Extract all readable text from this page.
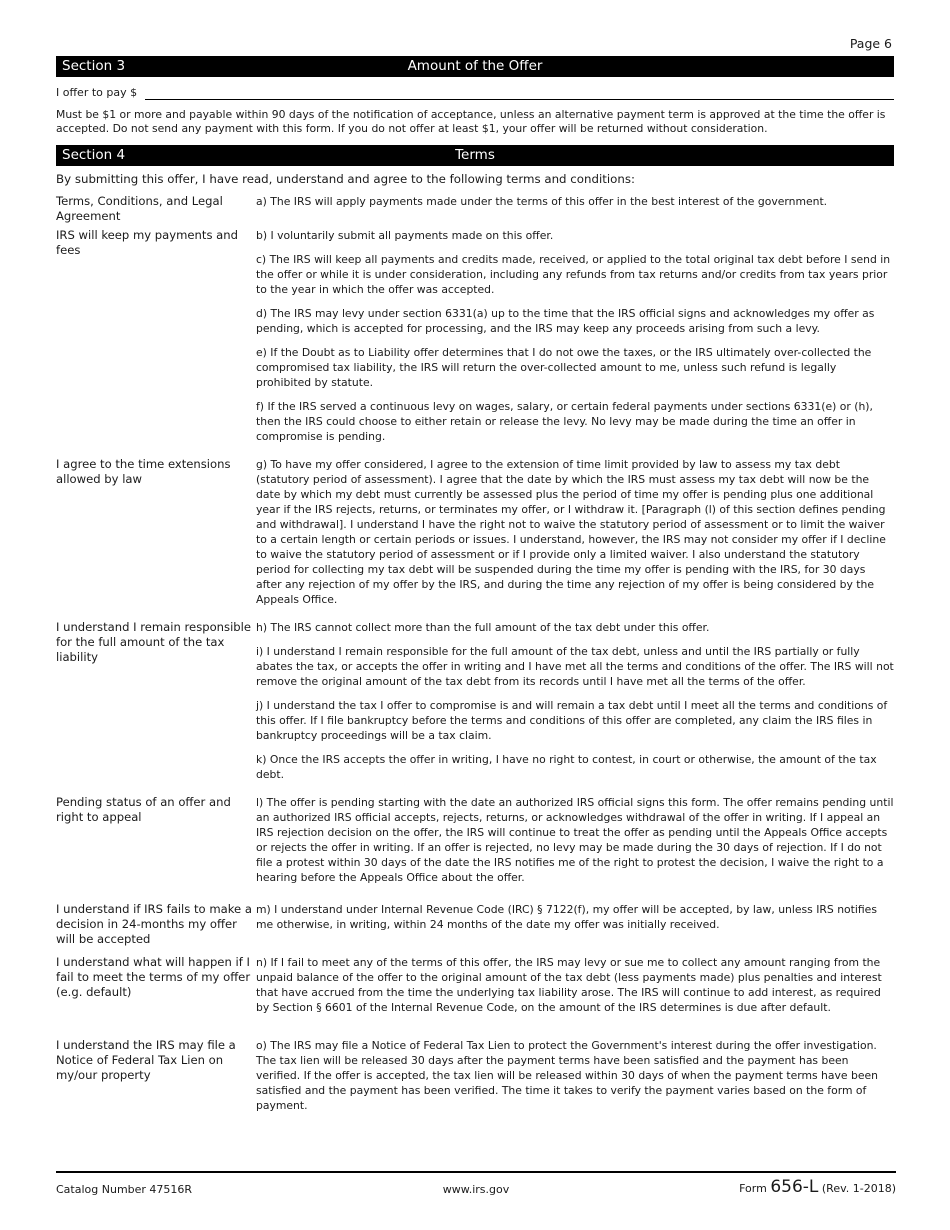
Page 6
Section 3	Amount of the Offer
I offer to pay $
Must be $1 or more and payable within 90 days of the notification of acceptance, unless an alternative payment term is approved at the time the offer is accepted. Do not send any payment with this form. If you do not offer at least $1, your offer will be returned without consideration.
Section 4	Terms
By submitting this offer, I have read, understand and agree to the following terms and conditions:
Terms, Conditions, and Legal Agreement
a) The IRS will apply payments made under the terms of this offer in the best interest of the government.
IRS will keep my payments and fees
b) I voluntarily submit all payments made on this offer.
c) The IRS will keep all payments and credits made, received, or applied to the total original tax debt before I send in the offer or while it is under consideration, including any refunds from tax returns and/or credits from tax years prior to the year in which the offer was accepted.
d) The IRS may levy under section 6331(a) up to the time that the IRS official signs and acknowledges my offer as pending, which is accepted for processing, and the IRS may keep any proceeds arising from such a levy.
e) If the Doubt as to Liability offer determines that I do not owe the taxes, or the IRS ultimately over-collected the compromised tax liability, the IRS will return the over-collected amount to me, unless such refund is legally prohibited by statute.
f) If the IRS served a continuous levy on wages, salary, or certain federal payments under sections 6331(e) or (h), then the IRS could choose to either retain or release the levy. No levy may be made during the time an offer in compromise is pending.
I agree to the time extensions allowed by law
g) To have my offer considered, I agree to the extension of time limit provided by law to assess my tax debt (statutory period of assessment). I agree that the date by which the IRS must assess my tax debt will now be the date by which my debt must currently be assessed plus the period of time my offer is pending plus one additional year if the IRS rejects, returns, or terminates my offer, or I withdraw it. [Paragraph (l) of this section defines pending and withdrawal]. I understand I have the right not to waive the statutory period of assessment or to limit the waiver to a certain length or certain periods or issues. I understand, however, the IRS may not consider my offer if I decline to waive the statutory period of assessment or if I provide only a limited waiver. I also understand the statutory period for collecting my tax debt will be suspended during the time my offer is pending with the IRS, for 30 days after any rejection of my offer by the IRS, and during the time any rejection of my offer is being considered by the Appeals Office.
I understand I remain responsible for the full amount of the tax liability
h) The IRS cannot collect more than the full amount of the tax debt under this offer.
i) I understand I remain responsible for the full amount of the tax debt, unless and until the IRS partially or fully abates the tax, or accepts the offer in writing and I have met all the terms and conditions of the offer. The IRS will not remove the original amount of the tax debt from its records until I have met all the terms of the offer.
j) I understand the tax I offer to compromise is and will remain a tax debt until I meet all the terms and conditions of this offer. If I file bankruptcy before the terms and conditions of this offer are completed, any claim the IRS files in bankruptcy proceedings will be a tax claim.
k) Once the IRS accepts the offer in writing, I have no right to contest, in court or otherwise, the amount of the tax debt.
Pending status of an offer and right to appeal
l) The offer is pending starting with the date an authorized IRS official signs this form. The offer remains pending until an authorized IRS official accepts, rejects, returns, or acknowledges withdrawal of the offer in writing. If I appeal an IRS rejection decision on the offer, the IRS will continue to treat the offer as pending until the Appeals Office accepts or rejects the offer in writing. If an offer is rejected, no levy may be made during the 30 days of rejection. If I do not file a protest within 30 days of the date the IRS notifies me of the right to protest the decision, I waive the right to a hearing before the Appeals Office about the offer.
I understand if IRS fails to make a decision in 24-months my offer will be accepted
m) I understand under Internal Revenue Code (IRC) § 7122(f), my offer will be accepted, by law, unless IRS notifies me otherwise, in writing, within 24 months of the date my offer was initially received.
I understand what will happen if I fail to meet the terms of my offer (e.g. default)
n) If I fail to meet any of the terms of this offer, the IRS may levy or sue me to collect any amount ranging from the unpaid balance of the offer to the original amount of the tax debt (less payments made) plus penalties and interest that have accrued from the time the underlying tax liability arose. The IRS will continue to add interest, as required by Section § 6601 of the Internal Revenue Code, on the amount of the IRS determines is due after default.
I understand the IRS may file a Notice of Federal Tax Lien on my/our property
o) The IRS may file a Notice of Federal Tax Lien to protect the Government's interest during the offer investigation. The tax lien will be released 30 days after the payment terms have been satisfied and the payment has been verified. If the offer is accepted, the tax lien will be released within 30 days of when the payment terms have been satisfied and the payment has been verified. The time it takes to verify the payment varies based on the form of payment.
Catalog Number 47516R	www.irs.gov	Form 656-L (Rev. 1-2018)
